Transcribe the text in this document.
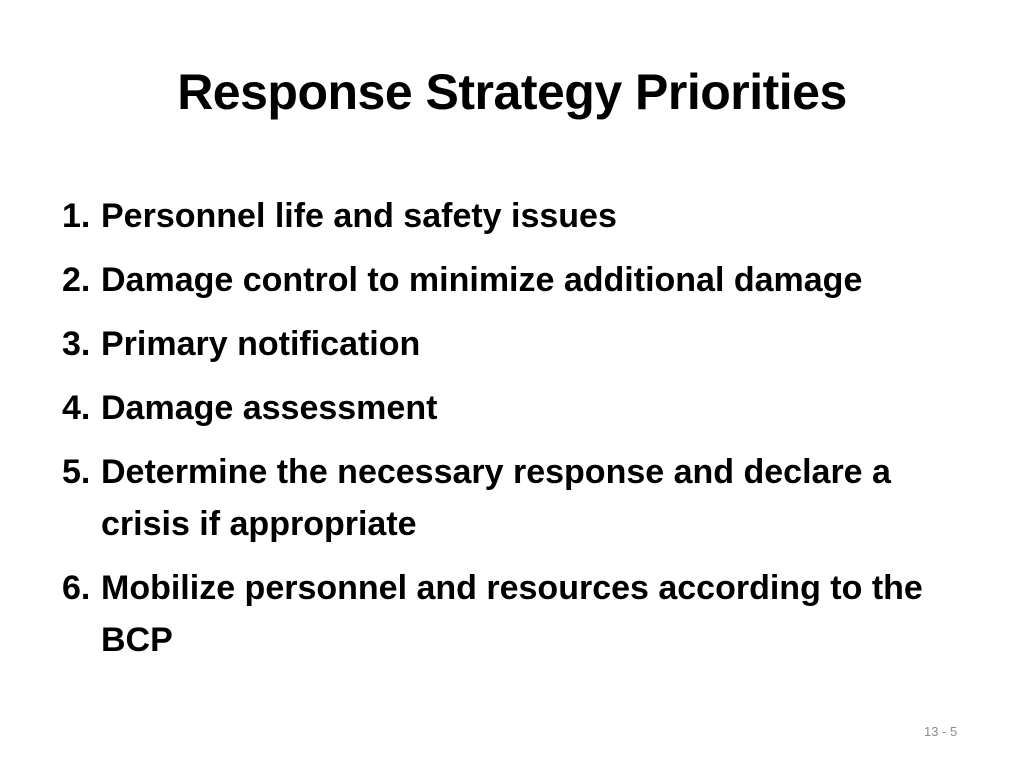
Response Strategy Priorities
1. Personnel life and safety issues
2. Damage control to minimize additional damage
3. Primary notification
4. Damage assessment
5. Determine the necessary response and declare a crisis if appropriate
6. Mobilize personnel and resources according to the BCP
13 - 5
